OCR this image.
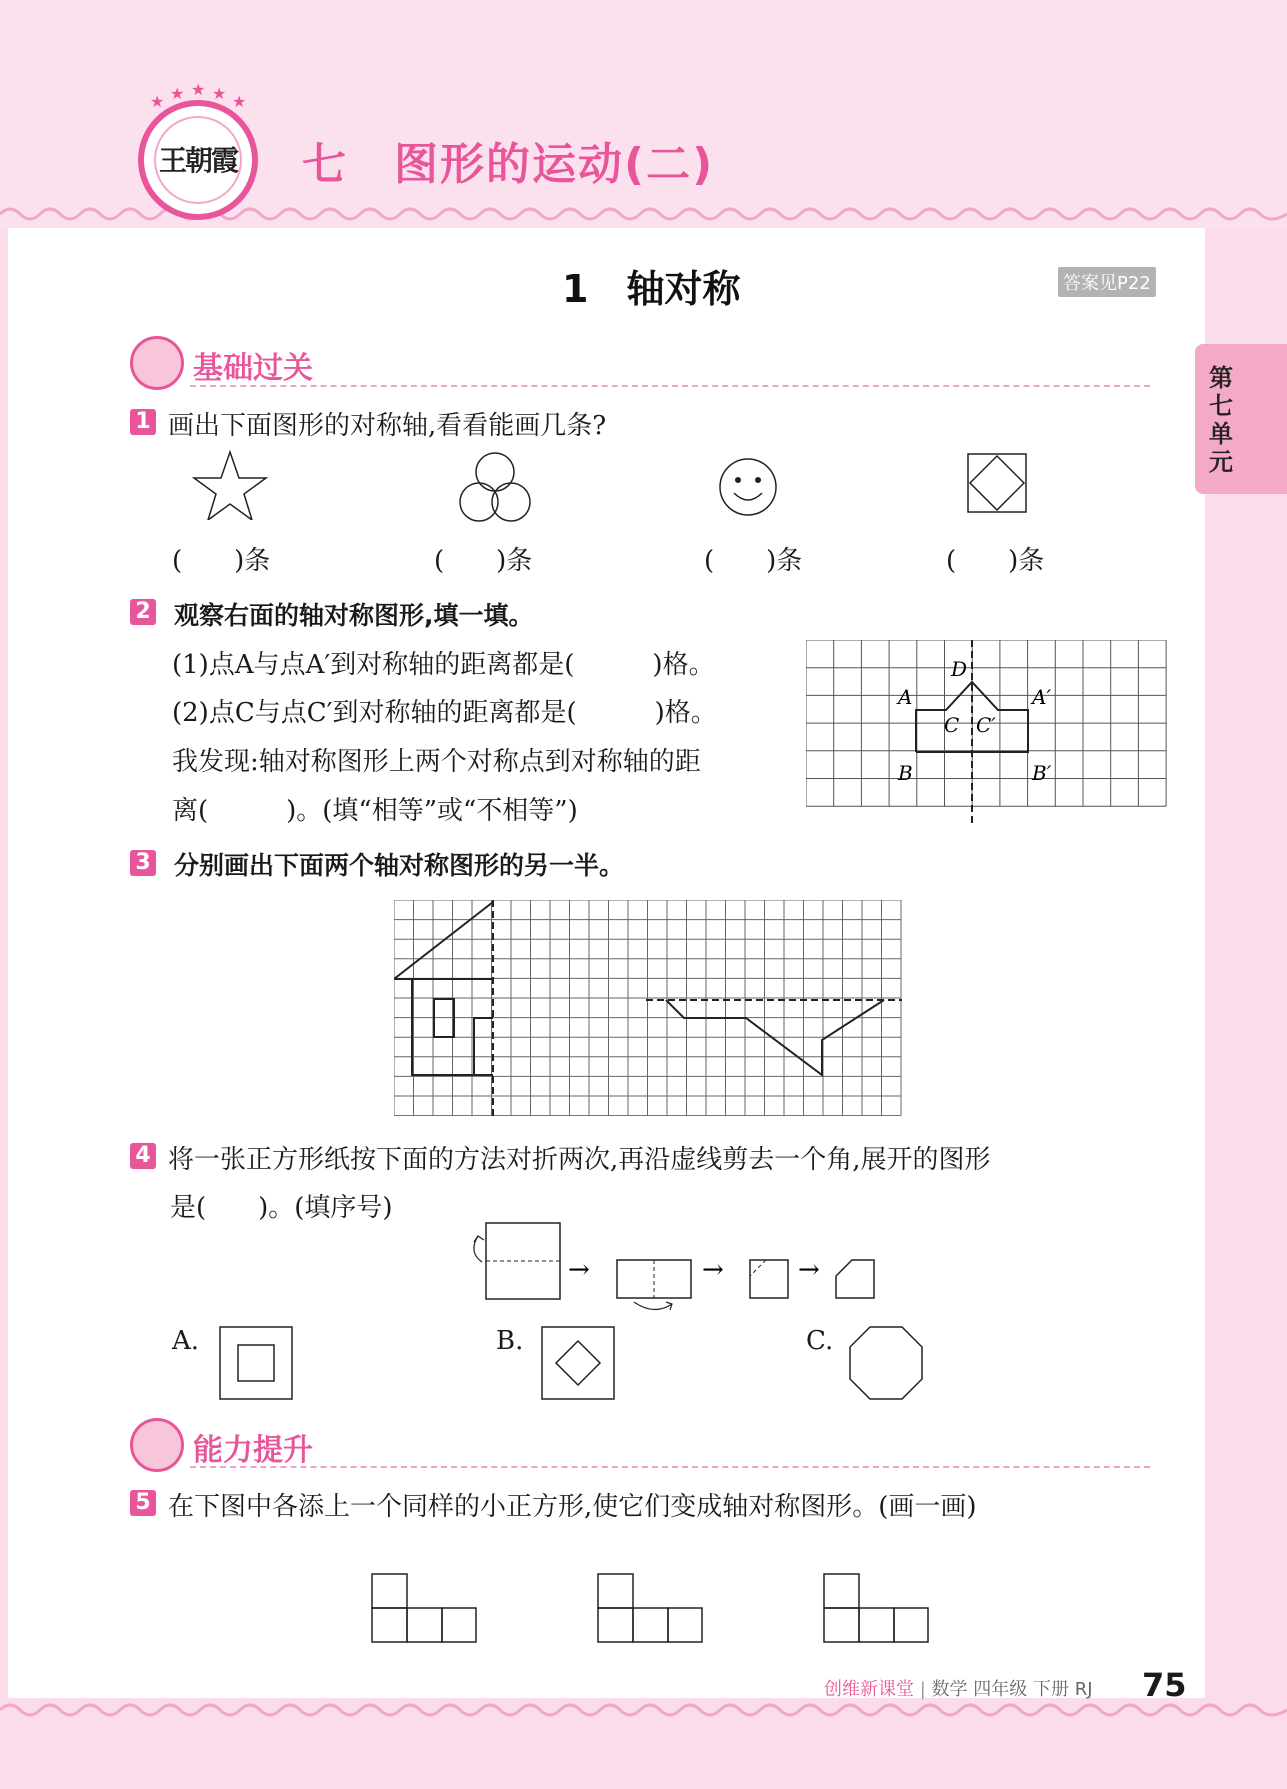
王朝霞
★ ★ ★ ★ ★
七　图形的运动(二)
1　轴对称	答案见P22
第七单元
基础过关
1 画出下面图形的对称轴,看看能画几条?
(　　)条	(　　)条	(　　)条	(　　)条
2 观察右面的轴对称图形,填一填。
(1)点A与点A′到对称轴的距离都是(　　　)格。
(2)点C与点C′到对称轴的距离都是(　　　)格。
我发现:轴对称图形上两个对称点到对称轴的距
离(　　　)。(填“相等”或“不相等”)
D
A	A′
C C′
B	B′
3 分别画出下面两个轴对称图形的另一半。
4 将一张正方形纸按下面的方法对折两次,再沿虚线剪去一个角,展开的图形
是(　　)。(填序号)
→	→	→
A.	B.	C.
能力提升
5 在下图中各添上一个同样的小正方形,使它们变成轴对称图形。(画一画)
创维新课堂 | 数学 四年级 下册 RJ 75
